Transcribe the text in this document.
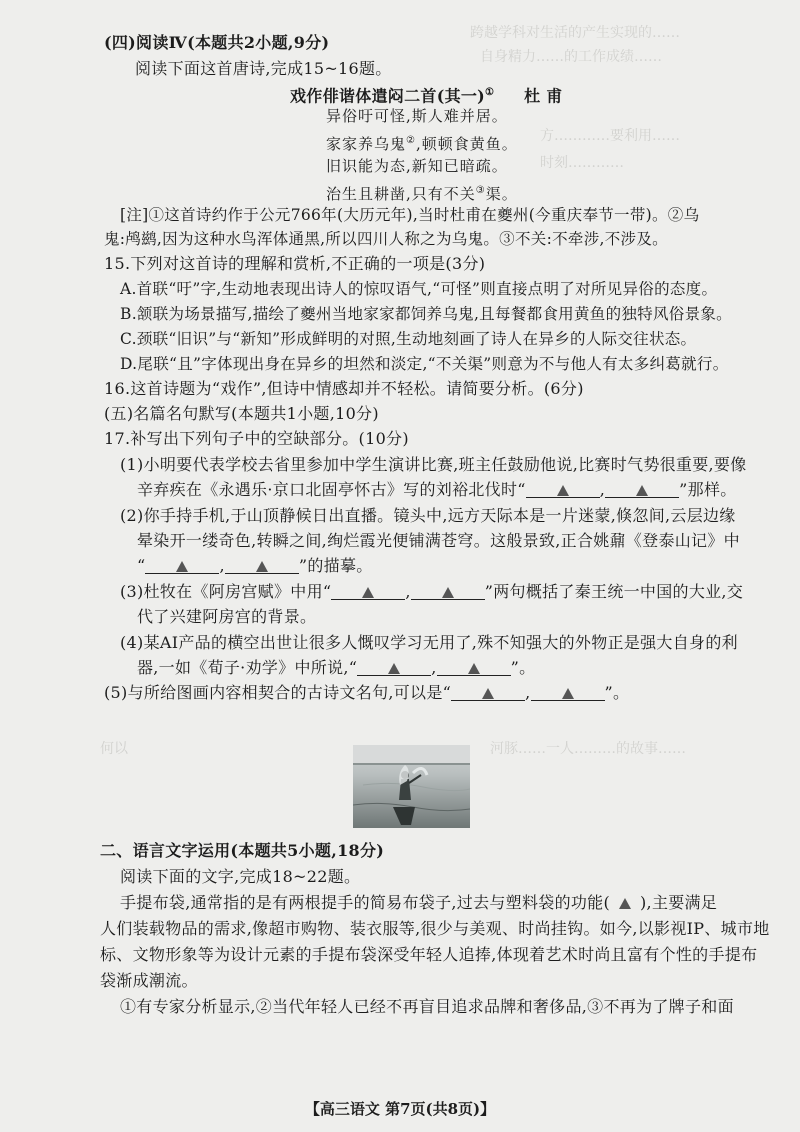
跨越学科对生活的产生实现的……
自身精力……的工作成绩……
方…………要利用……
时刻…………
何以	河豚……一人………的故事……
(四)阅读Ⅳ(本题共2小题,9分)
阅读下面这首唐诗,完成15~16题。
戏作俳谐体遣闷二首(其一)① 杜 甫
异俗吁可怪,斯人难并居。
家家养乌鬼②,顿顿食黄鱼。
旧识能为态,新知已暗疏。
治生且耕凿,只有不关③渠。
[注]①这首诗约作于公元766年(大历元年),当时杜甫在夔州(今重庆奉节一带)。②乌
鬼:鸬鹚,因为这种水鸟浑体通黑,所以四川人称之为乌鬼。③不关:不牵涉,不涉及。
15.下列对这首诗的理解和赏析,不正确的一项是(3分)
A.首联“吁”字,生动地表现出诗人的惊叹语气,“可怪”则直接点明了对所见异俗的态度。
B.颔联为场景描写,描绘了夔州当地家家都饲养乌鬼,且每餐都食用黄鱼的独特风俗景象。
C.颈联“旧识”与“新知”形成鲜明的对照,生动地刻画了诗人在异乡的人际交往状态。
D.尾联“且”字体现出身在异乡的坦然和淡定,“不关渠”则意为不与他人有太多纠葛就行。
16.这首诗题为“戏作”,但诗中情感却并不轻松。请简要分析。(6分)
(五)名篇名句默写(本题共1小题,10分)
17.补写出下列句子中的空缺部分。(10分)
(1)小明要代表学校去省里参加中学生演讲比赛,班主任鼓励他说,比赛时气势很重要,要像
辛弃疾在《永遇乐·京口北固亭怀古》写的刘裕北伐时“	,	”那样。
(2)你手持手机,于山顶静候日出直播。镜头中,远方天际本是一片迷蒙,倏忽间,云层边缘
晕染开一缕奇色,转瞬之间,绚烂霞光便铺满苍穹。这般景致,正合姚鼐《登泰山记》中
“	,	”的描摹。
(3)杜牧在《阿房宫赋》中用“	,	”两句概括了秦王统一中国的大业,交
代了兴建阿房宫的背景。
(4)某AI产品的横空出世让很多人慨叹学习无用了,殊不知强大的外物正是强大自身的利
器,一如《荀子·劝学》中所说,“	,	”。
(5)与所给图画内容相契合的古诗文名句,可以是“	,	”。
二、语言文字运用(本题共5小题,18分)
阅读下面的文字,完成18~22题。
手提布袋,通常指的是有两根提手的简易布袋子,过去与塑料袋的功能( ),主要满足
人们装载物品的需求,像超市购物、装衣服等,很少与美观、时尚挂钩。如今,以影视IP、城市地
标、文物形象等为设计元素的手提布袋深受年轻人追捧,体现着艺术时尚且富有个性的手提布
袋渐成潮流。
①有专家分析显示,②当代年轻人已经不再盲目追求品牌和奢侈品,③不再为了牌子和面
【高三语文 第7页(共8页)】
